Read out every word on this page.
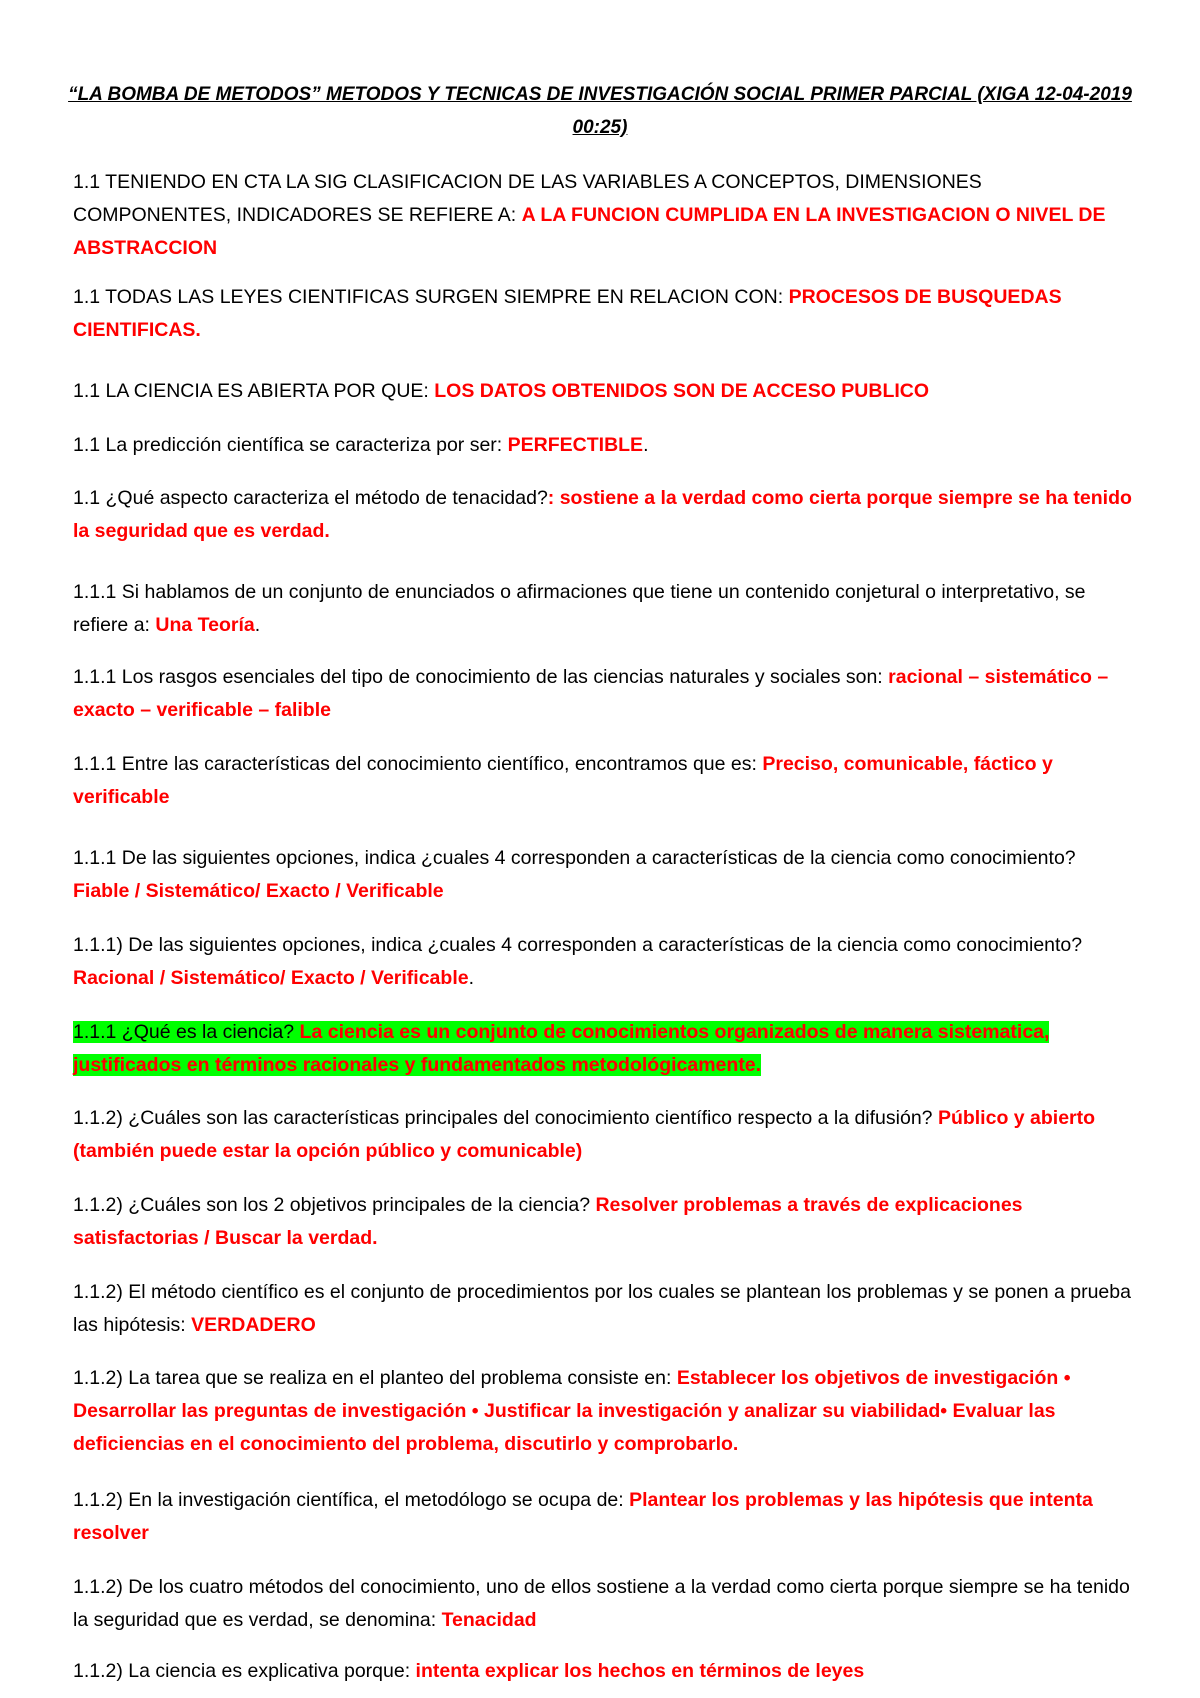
“LA BOMBA DE METODOS” METODOS Y TECNICAS DE INVESTIGACIÓN SOCIAL PRIMER PARCIAL (XIGA 12-04-2019 00:25)

1.1 TENIENDO EN CTA LA SIG CLASIFICACION DE LAS VARIABLES A CONCEPTOS, DIMENSIONES COMPONENTES, INDICADORES SE REFIERE A: A LA FUNCION CUMPLIDA EN LA INVESTIGACION O NIVEL DE ABSTRACCION

1.1 TODAS LAS LEYES CIENTIFICAS SURGEN SIEMPRE EN RELACION CON: PROCESOS DE BUSQUEDAS CIENTIFICAS.

1.1 LA CIENCIA ES ABIERTA POR QUE: LOS DATOS OBTENIDOS SON DE ACCESO PUBLICO

1.1 La predicción científica se caracteriza por ser: PERFECTIBLE.

1.1 ¿Qué aspecto caracteriza el método de tenacidad?: sostiene a la verdad como cierta porque siempre se ha tenido la seguridad que es verdad.

1.1.1 Si hablamos de un conjunto de enunciados o afirmaciones que tiene un contenido conjetural o interpretativo, se refiere a: Una Teoría.

1.1.1 Los rasgos esenciales del tipo de conocimiento de las ciencias naturales y sociales son: racional – sistemático – exacto – verificable – falible

1.1.1 Entre las características del conocimiento científico, encontramos que es: Preciso, comunicable, fáctico y verificable

1.1.1 De las siguientes opciones, indica ¿cuales 4 corresponden a características de la ciencia como conocimiento? Fiable / Sistemático/ Exacto / Verificable

1.1.1) De las siguientes opciones, indica ¿cuales 4 corresponden a características de la ciencia como conocimiento? Racional / Sistemático/ Exacto / Verificable.

1.1.1 ¿Qué es la ciencia? La ciencia es un conjunto de conocimientos organizados de manera sistematica, justificados en términos racionales y fundamentados metodológicamente.

1.1.2) ¿Cuáles son las características principales del conocimiento científico respecto a la difusión? Público y abierto (también puede estar la opción público y comunicable)

1.1.2) ¿Cuáles son los 2 objetivos principales de la ciencia? Resolver problemas a través de explicaciones satisfactorias / Buscar la verdad.

1.1.2) El método científico es el conjunto de procedimientos por los cuales se plantean los problemas y se ponen a prueba las hipótesis: VERDADERO

1.1.2) La tarea que se realiza en el planteo del problema consiste en: Establecer los objetivos de investigación • Desarrollar las preguntas de investigación • Justificar la investigación y analizar su viabilidad• Evaluar las deficiencias en el conocimiento del problema, discutirlo y comprobarlo.

1.1.2) En la investigación científica, el metodólogo se ocupa de: Plantear los problemas y las hipótesis que intenta resolver

1.1.2) De los cuatro métodos del conocimiento, uno de ellos sostiene a la verdad como cierta porque siempre se ha tenido la seguridad que es verdad, se denomina: Tenacidad

1.1.2) La ciencia es explicativa porque: intenta explicar los hechos en términos de leyes
